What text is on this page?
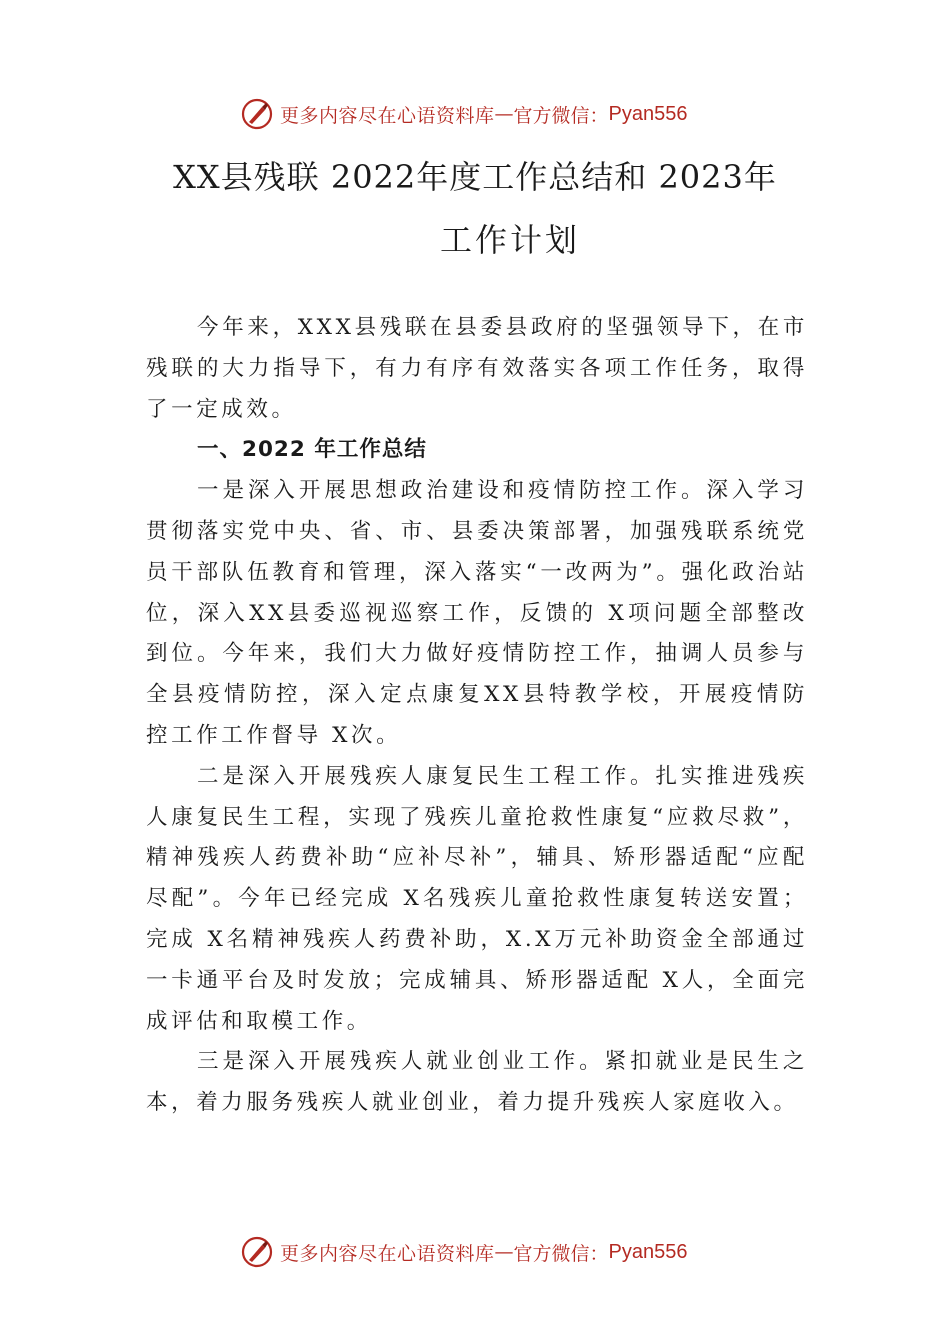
更多内容尽在心语资料库 — 官方微信： Pyan556
XX县残联 2022年度工作总结和 2023年
工作计划

今年来，XXX县残联在县委县政府的坚强领导下，在市残联的大力指导下，有力有序有效落实各项工作任务，取得了一定成效。

一、2022 年工作总结

一是深入开展思想政治建设和疫情防控工作。深入学习贯彻落实党中央、省、市、县委决策部署，加强残联系统党员干部队伍教育和管理，深入落实“一改两为”。强化政治站位，深入XX县委巡视巡察工作，反馈的 X项问题全部整改到位。今年来，我们大力做好疫情防控工作，抽调人员参与全县疫情防控，深入定点康复XX县特教学校，开展疫情防控工作工作督导 X次。

二是深入开展残疾人康复民生工程工作。扎实推进残疾人康复民生工程，实现了残疾儿童抢救性康复“应救尽救”，精神残疾人药费补助“应补尽补”，辅具、矫形器适配“应配尽配”。今年已经完成 X名残疾儿童抢救性康复转送安置；完成 X名精神残疾人药费补助，X.X万元补助资金全部通过一卡通平台及时发放；完成辅具、矫形器适配 X人，全面完成评估和取模工作。

三是深入开展残疾人就业创业工作。紧扣就业是民生之本，着力服务残疾人就业创业，着力提升残疾人家庭收入。

更多内容尽在心语资料库 — 官方微信： Pyan556
